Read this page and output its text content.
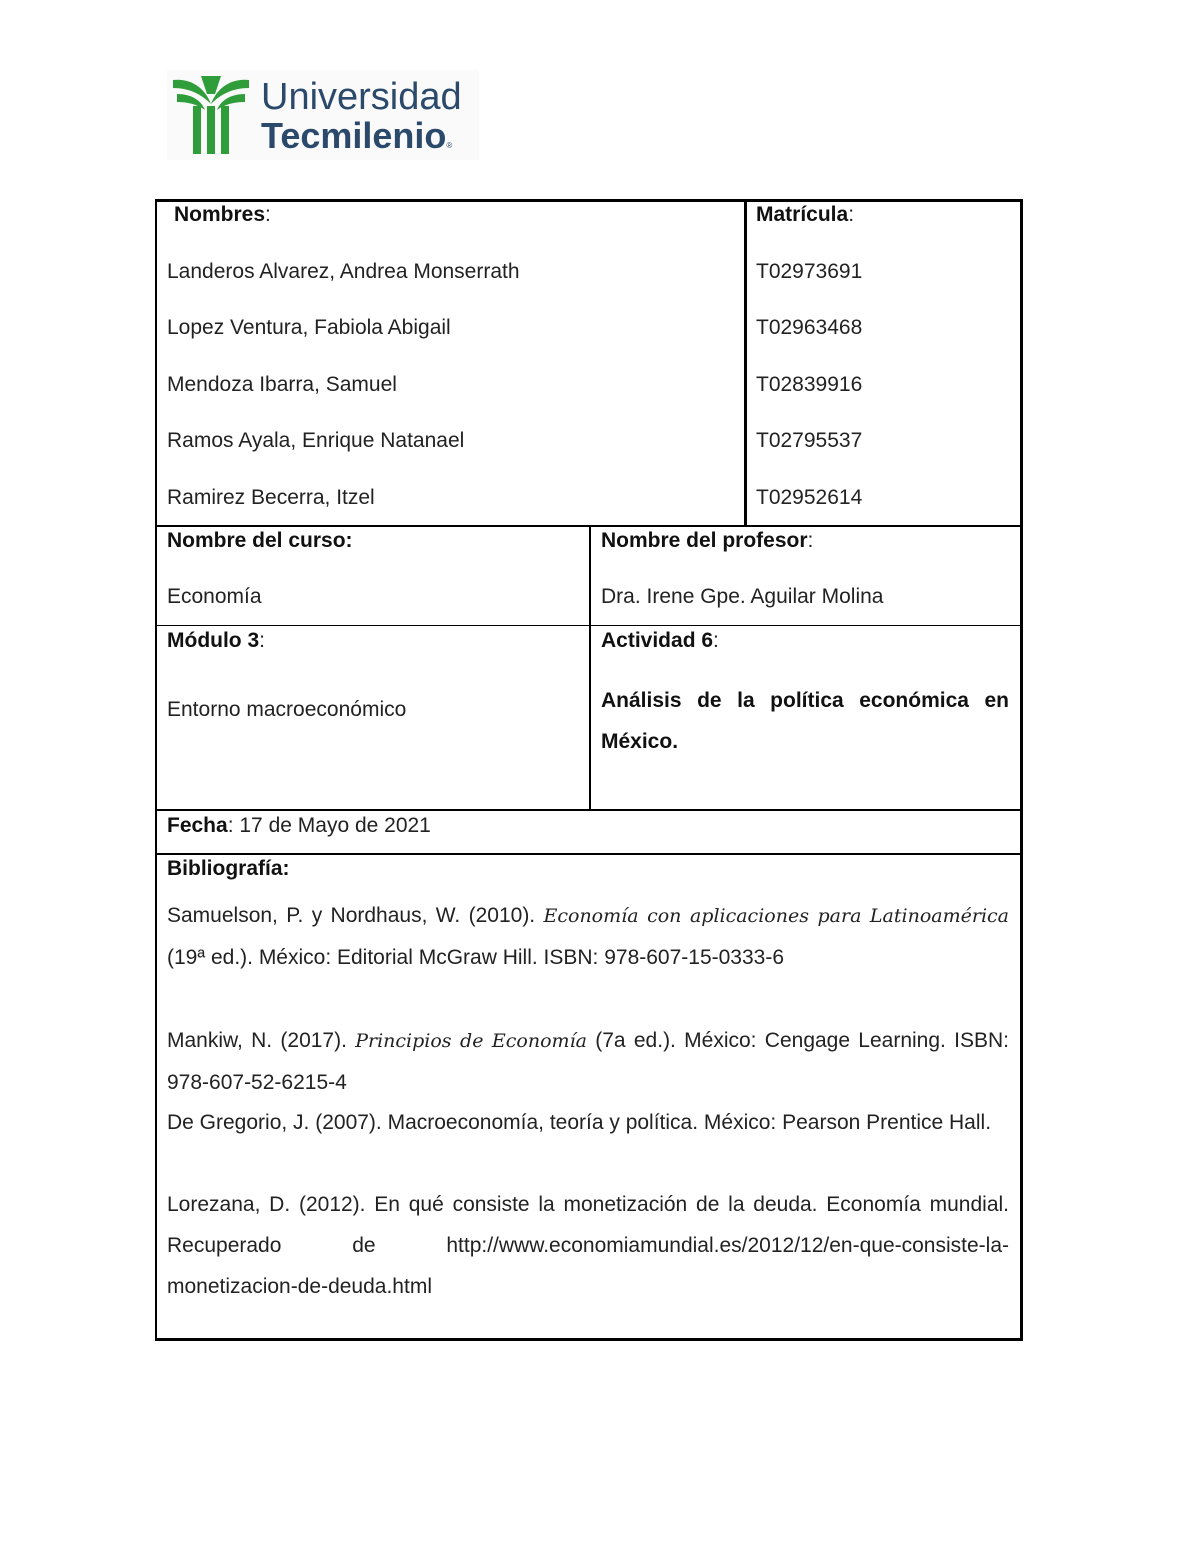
Universidad
Tecmilenio®
Nombres:	Matrícula:
Landeros Alvarez, Andrea Monserrath	T02973691
Lopez Ventura, Fabiola Abigail	T02963468
Mendoza Ibarra, Samuel	T02839916
Ramos Ayala, Enrique Natanael	T02795537
Ramirez Becerra, Itzel	T02952614
Nombre del curso:
Economía
Nombre del profesor:
Dra. Irene Gpe. Aguilar Molina
Módulo 3:
Entorno macroeconómico
Actividad 6:
Análisis de la política económica en
México.
Fecha: 17 de Mayo de 2021
Bibliografía:
Samuelson, P. y Nordhaus, W. (2010). Economía con aplicaciones para Latinoamérica (19ª ed.). México: Editorial McGraw Hill. ISBN: 978-607-15-0333-6
Mankiw, N. (2017). Principios de Economía (7a ed.). México: Cengage Learning. ISBN: 978-607-52-6215-4
De Gregorio, J. (2007). Macroeconomía, teoría y política. México: Pearson Prentice Hall.
Lorezana, D. (2012). En qué consiste la monetización de la deuda. Economía mundial. Recuperado de http://www.economiamundial.es/2012/12/en-que-consiste-la-monetizacion-de-deuda.html
